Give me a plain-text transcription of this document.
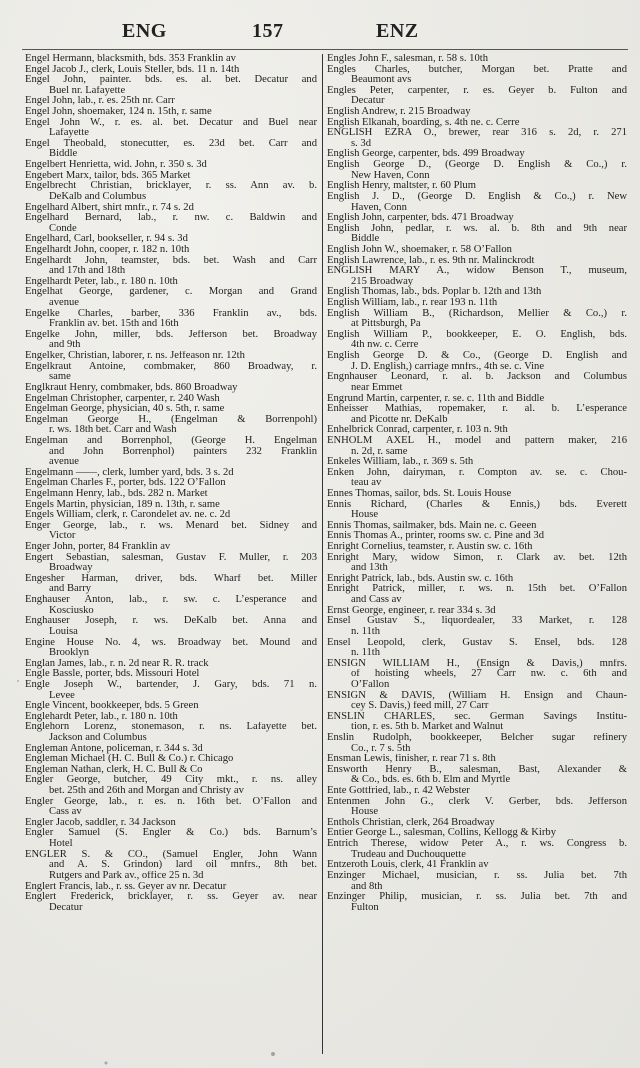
ENG	157	ENZ
Engel Hermann, blacksmith, bds. 353 Franklin av
Engel Jacob J., clerk, Louis Steller, bds. 11 n. 14th
Engel John, painter. bds. es. al. bet. Decatur and
Buel nr. Lafayette
Engel John, lab., r. es. 25th nr. Carr
Engel John, shoemaker, 124 n. 15th, r. same
Engel John W., r. es. al. bet. Decatur and Buel near
Lafayette
Engel Theobald, stonecutter, es. 23d bet. Carr and
Biddle
Engelbert Henrietta, wid. John, r. 350 s. 3d
Engebert Marx, tailor, bds. 365 Market
Engelbrecht Christian, bricklayer, r. ss. Ann av. b.
DeKalb and Columbus
Engelhard Albert, shirt mnfr., r. 74 s. 2d
Engelhard Bernard, lab., r. nw. c. Baldwin and
Conde
Engelhard, Carl, bookseller, r. 94 s. 3d
Engelhardt John, cooper, r. 182 n. 10th
Engelhardt John, teamster, bds. bet. Wash and Carr
and 17th and 18th
Engelhardt Peter, lab., r. 180 n. 10th
Engelhat George, gardener, c. Morgan and Grand
avenue
Engelke Charles, barber, 336 Franklin av., bds.
Franklin av. bet. 15th and 16th
Engelke John, miller, bds. Jefferson bet. Broadway
and 9th
Engelker, Christian, laborer, r. ns. Jeffeason nr. 12th
Engelkraut Antoine, combmaker, 860 Broadway, r.
same
Englkraut Henry, combmaker, bds. 860 Broadway
Engelman Christopher, carpenter, r. 240 Wash
Engelman George, physician, 40 s. 5th, r. same
Engelman George H., (Engelman & Borrenpohl)
r. ws. 18th bet. Carr and Wash
Engelman and Borrenphol, (George H. Engelman
and John Borrenphol) painters 232 Franklin
avenue
Engelmann ——, clerk, lumber yard, bds. 3 s. 2d
Engelman Charles F., porter, bds. 122 O’Fallon
Engelmann Henry, lab., bds. 282 n. Market
Engels Martin, physician, 189 n. 13th, r. same
Engels William, clerk, r. Carondelet av. ne. c. 2d
Enger George, lab., r. ws. Menard bet. Sidney and
Victor
Enger John, porter, 84 Franklin av
Engert Sebastian, salesman, Gustav F. Muller, r. 203
Broadway
Engesher Harman, driver, bds. Wharf bet. Miller
and Barry
Enghauser Anton, lab., r. sw. c. L’esperance and
Kosciusko
Enghauser Joseph, r. ws. DeKalb bet. Anna and
Louisa
Engine House No. 4, ws. Broadway bet. Mound and
Brooklyn
Englan James, lab., r. n. 2d near R. R. track
Engle Bassle, porter, bds. Missouri Hotel
Engle Joseph W., bartender, J. Gary, bds. 71 n.
Levee
Engle Vincent, bookkeeper, bds. 5 Green
Englehardt Peter, lab., r. 180 n. 10th
Englehorn Lorenz, stonemason, r. ns. Lafayette bet.
Jackson and Columbus
Engleman Antone, policeman, r. 344 s. 3d
Engleman Michael (H. C. Bull & Co.) r. Chicago
Engleman Nathan, clerk, H. C. Bull & Co
Engler George, butcher, 49 City mkt., r. ns. alley
bet. 25th and 26th and Morgan and Christy av
Engler George, lab., r. es. n. 16th bet. O’Fallon and
Cass av
Engler Jacob, saddler, r. 34 Jackson
Engler Samuel (S. Engler & Co.) bds. Barnum’s
Hotel
ENGLER S. & CO., (Samuel Engler, John Wann
and A. S. Grindon) lard oil mnfrs., 8th bet.
Rutgers and Park av., office 25 n. 3d
Englert Francis, lab., r. ss. Geyer av nr. Decatur
Englert Frederick, bricklayer, r. ss. Geyer av. near
Decatur
Engles John F., salesman, r. 58 s. 10th
Engles Charles, butcher, Morgan bet. Pratte and
Beaumont avs
Engles Peter, carpenter, r. es. Geyer b. Fulton and
Decatur
English Andrew, r. 215 Broadway
English Elkanah, boarding, s. 4th ne. c. Cerre
ENGLISH EZRA O., brewer, rear 316 s. 2d, r. 271
s. 3d
English George, carpenter, bds. 499 Broadway
English George D., (George D. English & Co.,) r.
New Haven, Conn
English Henry, maltster, r. 60 Plum
English J. D., (George D. English & Co.,) r. New
Haven, Conn
English John, carpenter, bds. 471 Broadway
English John, pedlar, r. ws. al. b. 8th and 9th near
Biddle
English John W., shoemaker, r. 58 O’Fallon
English Lawrence, lab., r. es. 9th nr. Malinckrodt
ENGLISH MARY A., widow Benson T., museum,
215 Broadway
English Thomas, lab., bds. Poplar b. 12th and 13th
English William, lab., r. rear 193 n. 11th
English William B., (Richardson, Mellier & Co.,) r.
at Pittsburgh, Pa
English William P., bookkeeper, E. O. English, bds.
4th nw. c. Cerre
English George D. & Co., (George D. English and
J. D. English,) carriage mnfrs., 4th se. c. Vine
Engnhauser Leonard, r. al. b. Jackson and Columbus
near Emmet
Engrund Martin, carpenter, r. se. c. 11th and Biddle
Enheisser Mathias, ropemaker, r. al. b. L’esperance
and Picotte nr. DeKalb
Enhelbrick Conrad, carpenter, r. 103 n. 9th
ENHOLM AXEL H., model and pattern maker, 216
n. 2d, r. same
Enkeles William, lab., r. 369 s. 5th
Enken John, dairyman, r. Compton av. se. c. Chou-
teau av
Ennes Thomas, sailor, bds. St. Louis House
Ennis Richard, (Charles & Ennis,) bds. Everett
House
Ennis Thomas, sailmaker, bds. Main ne. c. Geeen
Ennis Thomas A., printer, rooms sw. c. Pine and 3d
Enright Cornelius, teamster, r. Austin sw. c. 16th
Enright Mary, widow Simon, r. Clark av. bet. 12th
and 13th
Enright Patrick, lab., bds. Austin sw. c. 16th
Enright Patrick, miller, r. ws. n. 15th bet. O’Fallon
and Cass av
Ernst George, engineer, r. rear 334 s. 3d
Ensel Gustav S., liquordealer, 33 Market, r. 128
n. 11th
Ensel Leopold, clerk, Gustav S. Ensel, bds. 128
n. 11th
ENSIGN WILLIAM H., (Ensign & Davis,) mnfrs.
of hoisting wheels, 27 Carr nw. c. 6th and
O’Fallon
ENSIGN & DAVIS, (William H. Ensign and Chaun-
cey S. Davis,) feed mill, 27 Carr
ENSLIN CHARLES, sec. German Savings Institu-
tion, r. es. 5th b. Market and Walnut
Enslin Rudolph, bookkeeper, Belcher sugar refinery
Co., r. 7 s. 5th
Ensman Lewis, finisher, r. rear 71 s. 8th
Ensworth Henry B., salesman, Bast, Alexander &
& Co., bds. es. 6th b. Elm and Myrtle
Ente Gottfried, lab., r. 42 Webster
Entenmen John G., clerk V. Gerber, bds. Jefferson
House
Enthols Christian, clerk, 264 Broadway
Entier George L., salesman, Collins, Kellogg & Kirby
Entrich Therese, widow Peter A., r. ws. Congress b.
Trudeau and Duchouquette
Entzeroth Louis, clerk, 41 Franklin av
Enzinger Michael, musician, r. ss. Julia bet. 7th
and 8th
Enzinger Philip, musician, r. ss. Julia bet. 7th and
Fulton
